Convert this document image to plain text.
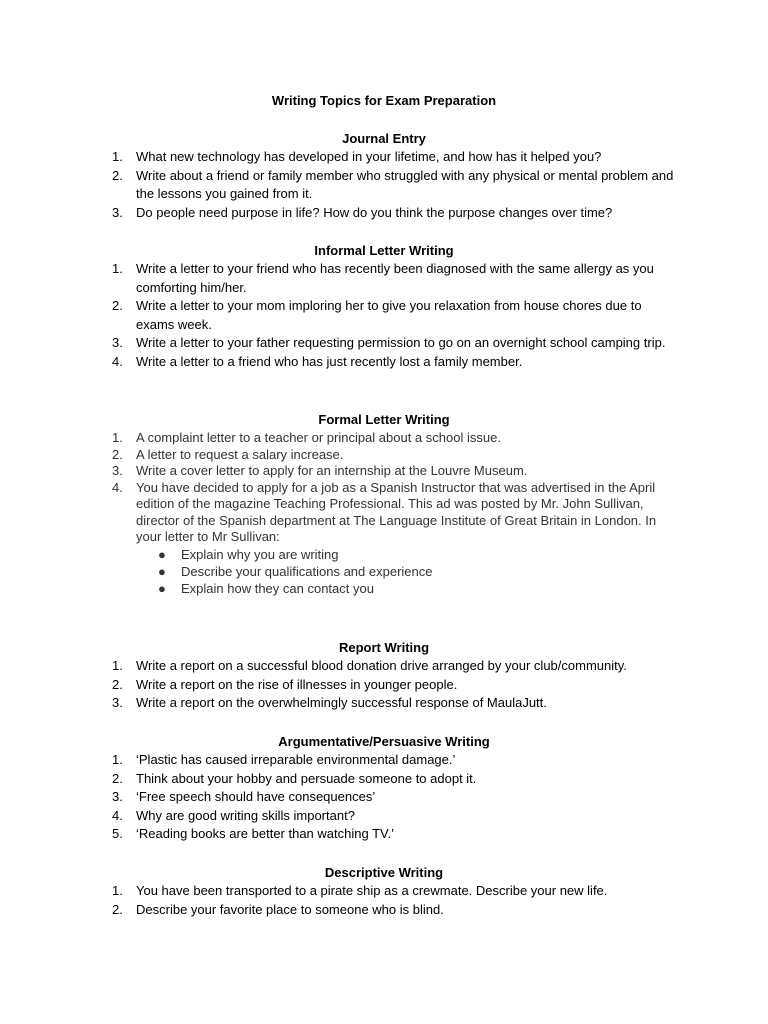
Writing Topics for Exam Preparation
Journal Entry
1. What new technology has developed in your lifetime, and how has it helped you?
2. Write about a friend or family member who struggled with any physical or mental problem and the lessons you gained from it.
3. Do people need purpose in life? How do you think the purpose changes over time?
Informal Letter Writing
1. Write a letter to your friend who has recently been diagnosed with the same allergy as you comforting him/her.
2. Write a letter to your mom imploring her to give you relaxation from house chores due to exams week.
3. Write a letter to your father requesting permission to go on an overnight school camping trip.
4. Write a letter to a friend who has just recently lost a family member.
Formal Letter Writing
1. A complaint letter to a teacher or principal about a school issue.
2. A letter to request a salary increase.
3. Write a cover letter to apply for an internship at the Louvre Museum.
4. You have decided to apply for a job as a Spanish Instructor that was advertised in the April edition of the magazine Teaching Professional. This ad was posted by Mr. John Sullivan, director of the Spanish department at The Language Institute of Great Britain in London. In your letter to Mr Sullivan:
● Explain why you are writing
● Describe your qualifications and experience
● Explain how they can contact you
Report Writing
1. Write a report on a successful blood donation drive arranged by your club/community.
2. Write a report on the rise of illnesses in younger people.
3. Write a report on the overwhelmingly successful response of MaulaJutt.
Argumentative/Persuasive Writing
1. ‘Plastic has caused irreparable environmental damage.’
2. Think about your hobby and persuade someone to adopt it.
3. ‘Free speech should have consequences’
4. Why are good writing skills important?
5. ‘Reading books are better than watching TV.’
Descriptive Writing
1. You have been transported to a pirate ship as a crewmate. Describe your new life.
2. Describe your favorite place to someone who is blind.
